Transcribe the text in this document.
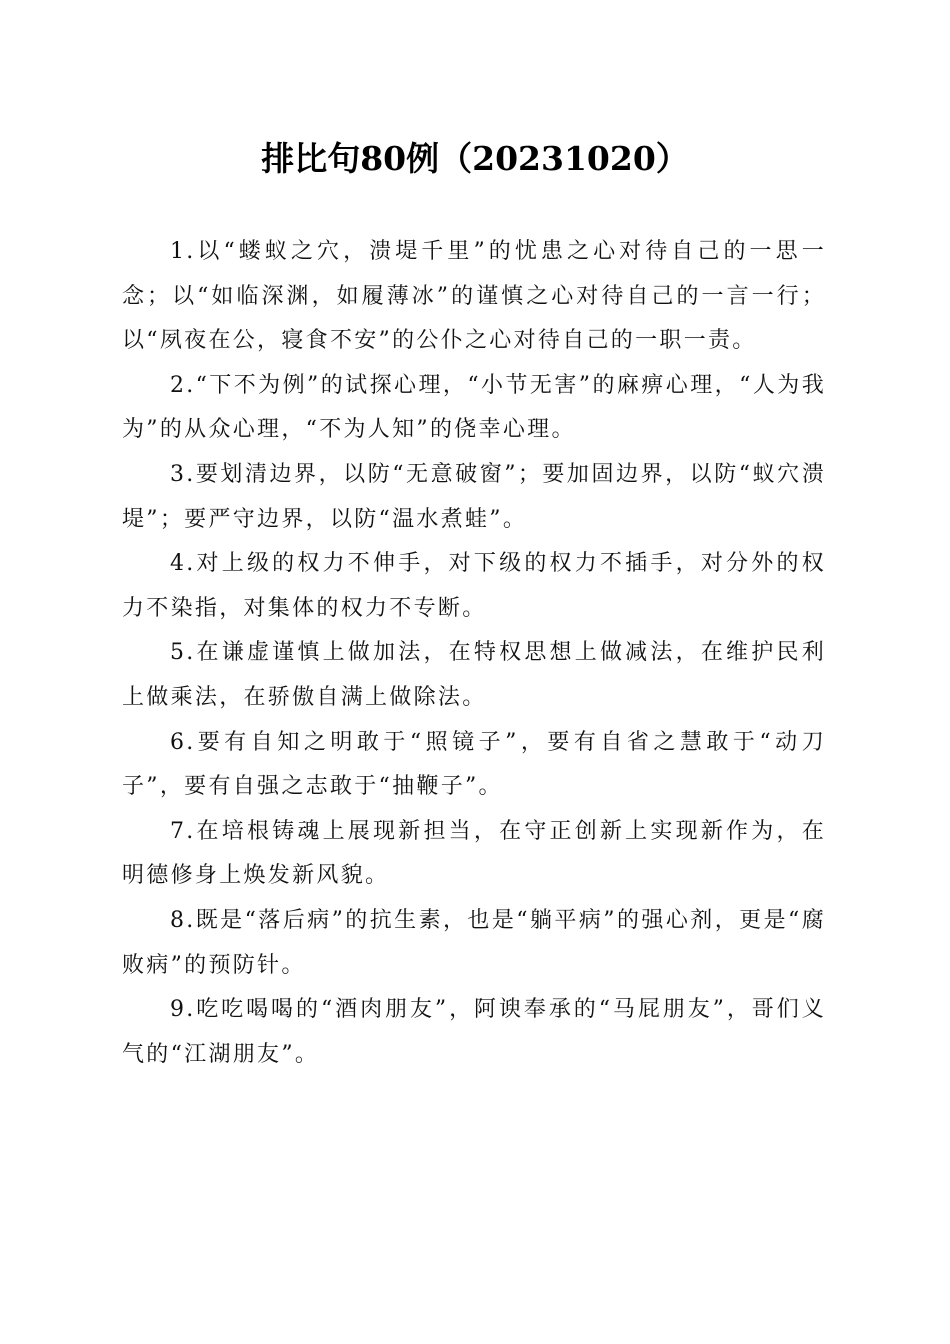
排比句80例（20231020）

1.以“蝼蚁之穴，溃堤千里”的忧患之心对待自己的一思一念；以“如临深渊，如履薄冰”的谨慎之心对待自己的一言一行；以“夙夜在公，寝食不安”的公仆之心对待自己的一职一责。

2.“下不为例”的试探心理，“小节无害”的麻痹心理，“人为我为”的从众心理，“不为人知”的侥幸心理。

3.要划清边界，以防“无意破窗”；要加固边界，以防“蚁穴溃堤”；要严守边界，以防“温水煮蛙”。

4.对上级的权力不伸手，对下级的权力不插手，对分外的权力不染指，对集体的权力不专断。

5.在谦虚谨慎上做加法，在特权思想上做减法，在维护民利上做乘法，在骄傲自满上做除法。

6.要有自知之明敢于“照镜子”，要有自省之慧敢于“动刀子”，要有自强之志敢于“抽鞭子”。

7.在培根铸魂上展现新担当，在守正创新上实现新作为，在明德修身上焕发新风貌。

8.既是“落后病”的抗生素，也是“躺平病”的强心剂，更是“腐败病”的预防针。

9.吃吃喝喝的“酒肉朋友”，阿谀奉承的“马屁朋友”，哥们义气的“江湖朋友”。
